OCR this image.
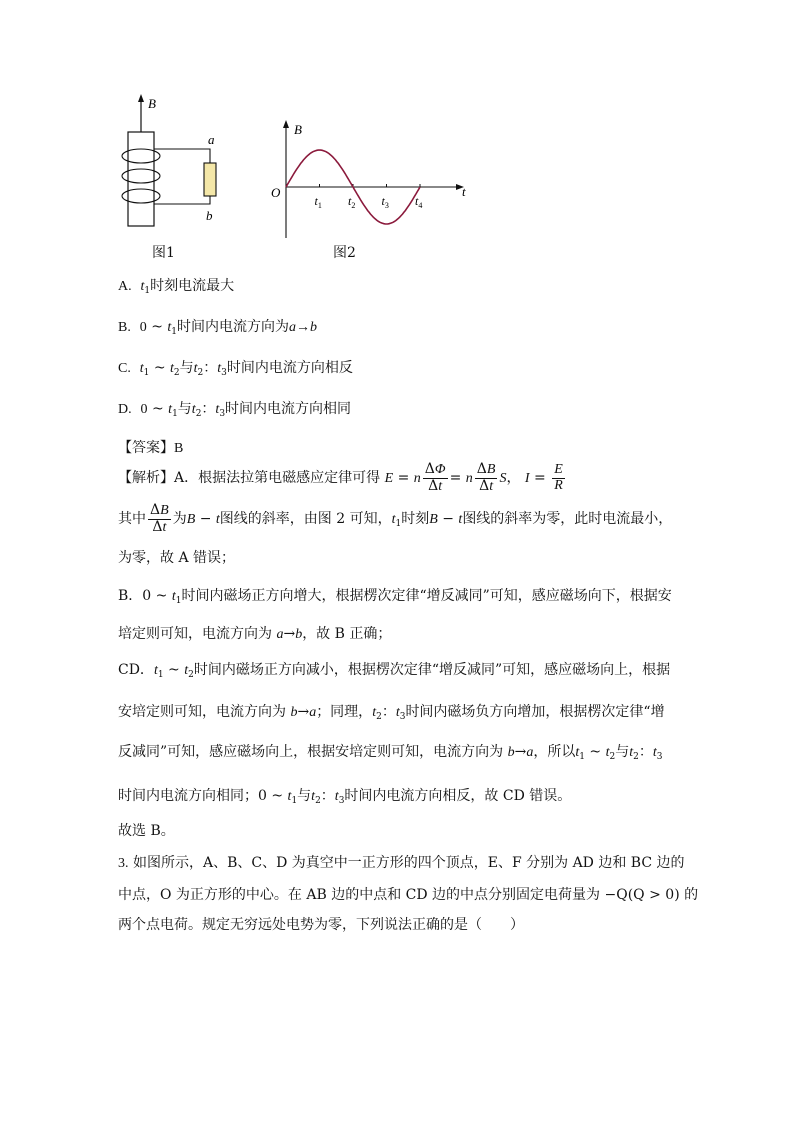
B
a
b
图1
B
t
O
$t_1$ $t_2$ $t_3$ $t_4$
图2
A. $t_1$时刻电流最大
B. 0 ~ $t_1$时间内电流方向为a→b
C. $t_1$ ~ $t_2$与$t_2$：$t_3$时间内电流方向相反
D. 0 ~ $t_1$与$t_2$：$t_3$时间内电流方向相同
【答案】B
【解析】A．根据法拉第电磁感应定律可得 E = n $\frac{\Delta\Phi}{\Delta t} = n \frac{\Delta B}{\Delta t}$ S， $I = \frac{E}{R}$
其中 $\frac{\Delta B}{\Delta t}$ 为B − t图线的斜率，由图 2 可知，$t_1$时刻B − t图线的斜率为零，此时电流最小，
为零，故 A 错误；
B．0 ~ $t_1$时间内磁场正方向增大，根据楞次定律“增反减同”可知，感应磁场向下，根据安
培定则可知，电流方向为 a→b，故 B 正确；
CD．$t_1$ ~ $t_2$时间内磁场正方向减小，根据楞次定律“增反减同”可知，感应磁场向上，根据
安培定则可知，电流方向为 b→a；同理，$t_2$：$t_3$时间内磁场负方向增加，根据楞次定律“增
反减同”可知，感应磁场向上，根据安培定则可知，电流方向为 b→a，所以$t_1$ ~ $t_2$与$t_2$：$t_3$
时间内电流方向相同；0 ~ $t_1$与$t_2$：$t_3$时间内电流方向相反，故 CD 错误。
故选 B。
3. 如图所示，A、B、C、D 为真空中一正方形的四个顶点，E、F 分别为 AD 边和 BC 边的
中点，O 为正方形的中心。在 AB 边的中点和 CD 边的中点分别固定电荷量为 −Q(Q > 0) 的
两个点电荷。规定无穷远处电势为零，下列说法正确的是（　　）
